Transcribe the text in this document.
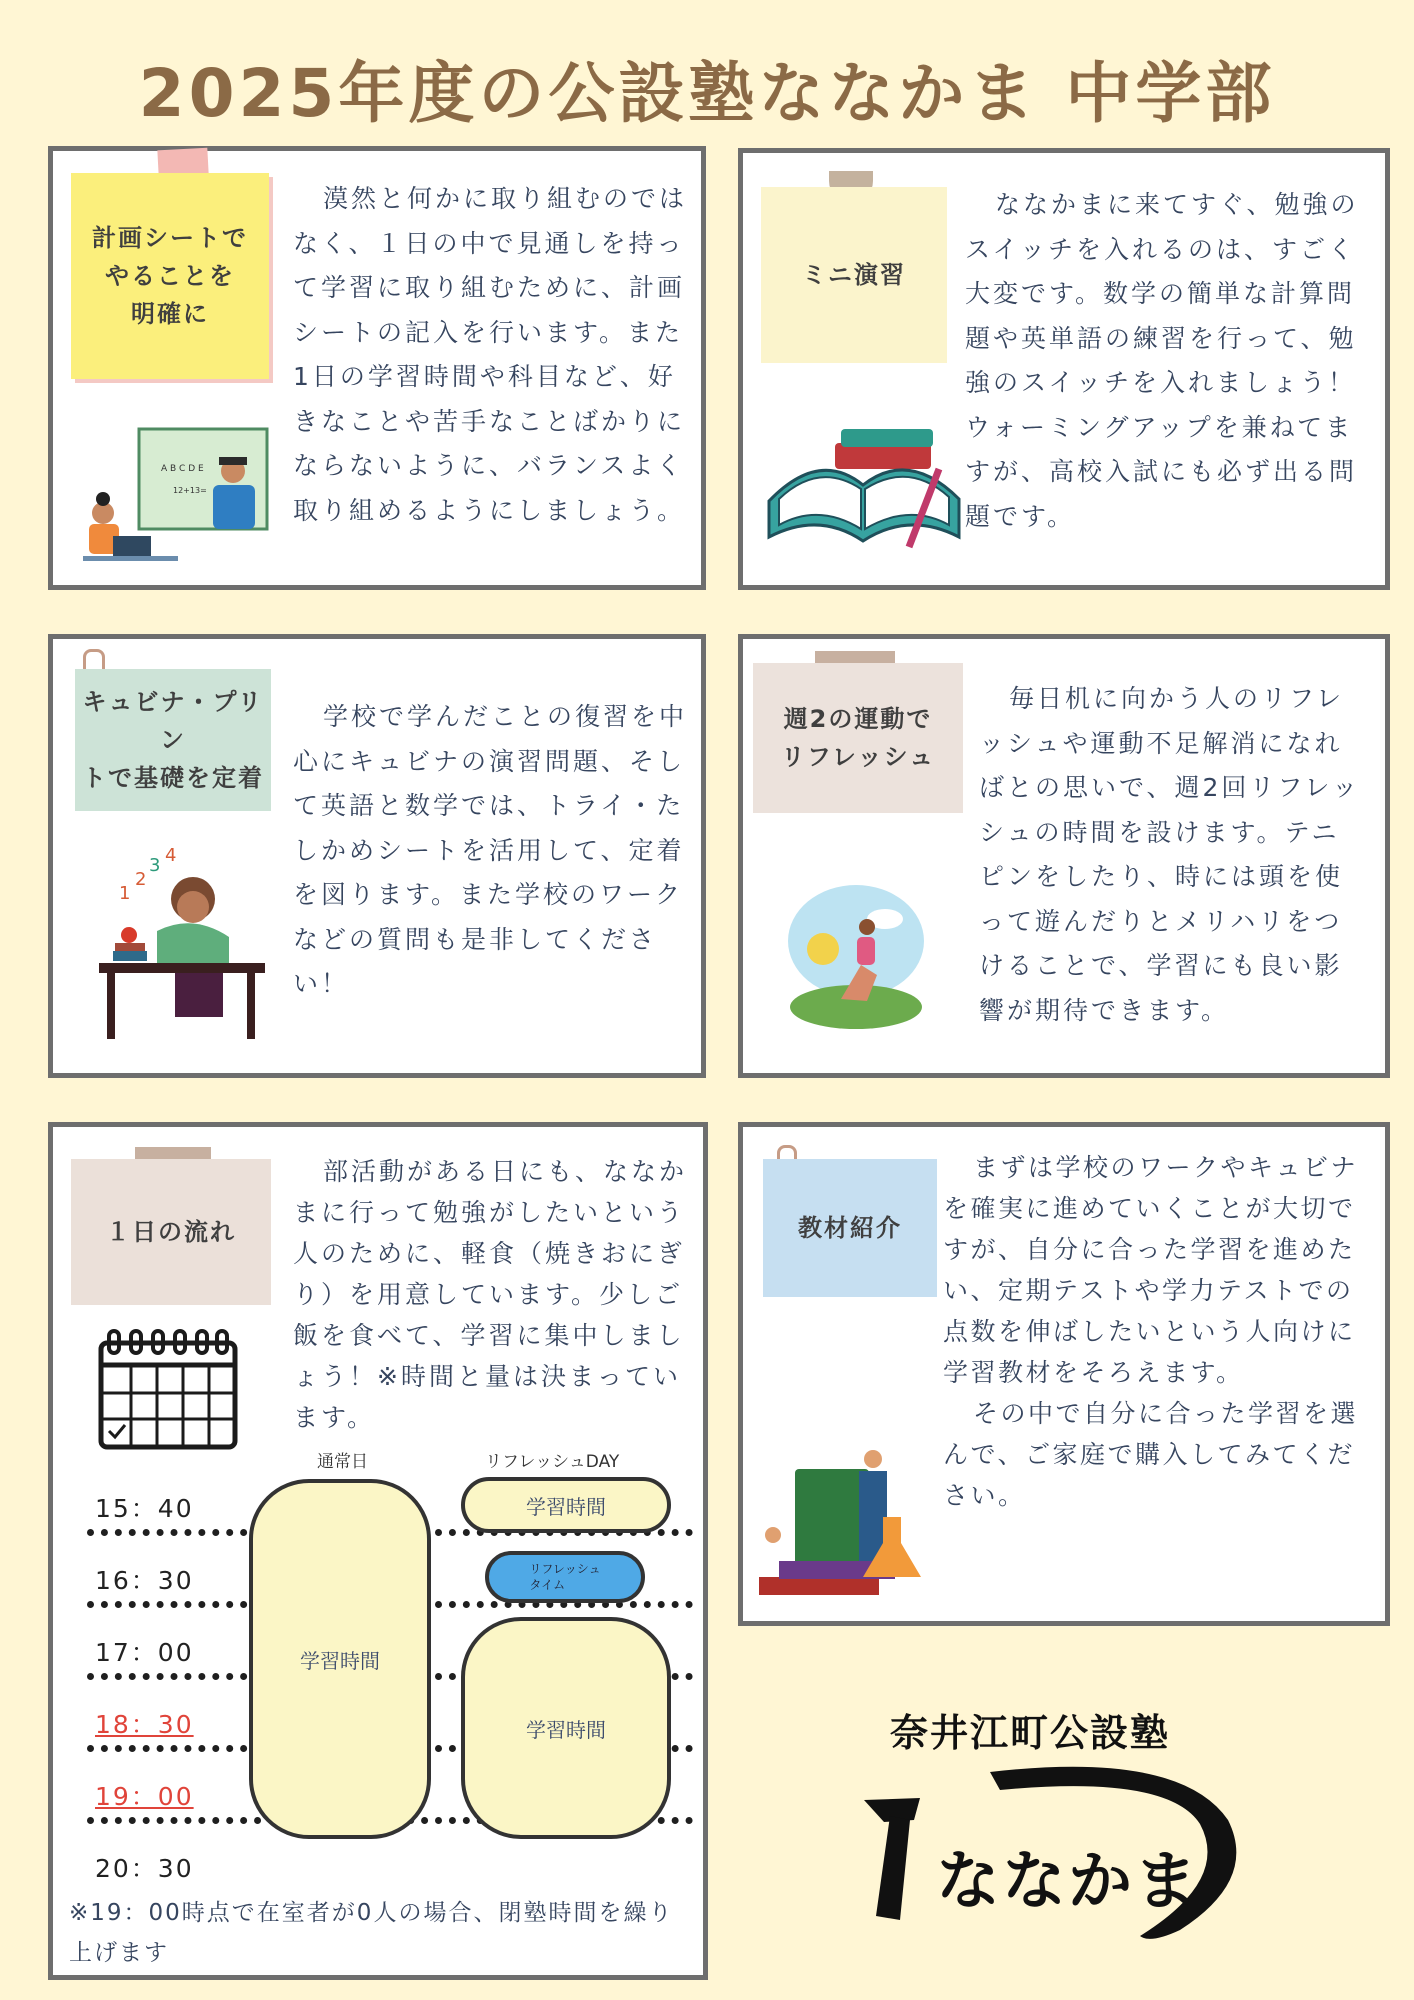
2025年度の公設塾ななかま 中学部
計画シートで
やることを
明確に
A B C D E
12+13=
漠然と何かに取り組むのではなく、１日の中で見通しを持って学習に取り組むために、計画シートの記入を行います。また1日の学習時間や科目など、好きなことや苦手なことばかりにならないように、バランスよく取り組めるようにしましょう。
ミニ演習
ななかまに来てすぐ、勉強のスイッチを入れるのは、すごく大変です。数学の簡単な計算問題や英単語の練習を行って、勉強のスイッチを入れましょう！ウォーミングアップを兼ねてますが、高校入試にも必ず出る問題です。
キュビナ・プリン
トで基礎を定着
1
2
3 4
学校で学んだことの復習を中心にキュビナの演習問題、そして英語と数学では、トライ・たしかめシートを活用して、定着を図ります。また学校のワークなどの質問も是非してください！
週2の運動で
リフレッシュ
毎日机に向かう人のリフレッシュや運動不足解消になればとの思いで、週2回リフレッシュの時間を設けます。テニピンをしたり、時には頭を使って遊んだりとメリハリをつけることで、学習にも良い影響が期待できます。
１日の流れ
部活動がある日にも、ななかまに行って勉強がしたいという人のために、軽食（焼きおにぎり）を用意しています。少しご飯を食べて、学習に集中しましょう！※時間と量は決まっています。
通常日	リフレッシュDAY
15：40
16：30
17：00
18：30
19：00
20：30
学習時間
学習時間
リフレッシュ
タイム
学習時間
※19：00時点で在室者が0人の場合、閉塾時間を繰り上げます
教材紹介
まずは学校のワークやキュビナを確実に進めていくことが大切ですが、自分に合った学習を進めたい、定期テストや学力テストでの点数を伸ばしたいという人向けに学習教材をそろえます。
その中で自分に合った学習を選んで、ご家庭で購入してみてください。
奈井江町公設塾
ななかま
